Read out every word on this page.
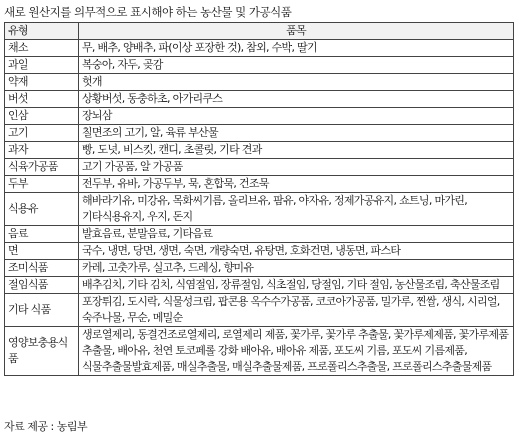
새로 원산지를 의무적으로 표시해야 하는 농산물 및 가공식품
유형	품목
채소	무, 배추, 양배추, 파(이상 포장한 것), 참외, 수박, 딸기
과일	복숭아, 자두, 곶감
약재	헛개
버섯	상황버섯, 동충하초, 아가리쿠스
인삼	장뇌삼
고기	칠면조의 고기, 알, 육류 부산물
과자	빵, 도넛, 비스킷, 캔디, 초콜릿, 기타 견과
식육가공품	고기 가공품, 알 가공품
두부	전두부, 유바, 가공두부, 묵, 혼합묵, 건조묵
식용유	해바라기유, 미강유, 목화씨기름, 올리브유, 팜유, 야자유, 정제가공유지, 쇼트닝, 마가린, 기타식용유지, 우지, 돈지
음료	발효음료, 분말음료, 기타음료
면	국수, 냉면, 당면, 생면, 숙면, 개량숙면, 유탕면, 호화건면, 냉동면, 파스타
조미식품	카레, 고춧가루, 실고추, 드레싱, 향미유
절임식품	배추김치, 기타 김치, 식염절임, 장류절임, 식초절임, 당절임, 기타 절임, 농산물조림, 축산물조림
기타 식품	포장튀김, 도시락, 식물성크림, 팝콘용 옥수수가공품, 코코아가공품, 밀가루, 찐쌀, 생식, 시리얼, 숙주나물, 무순, 메밀순
영양보충용식품	생로열제리, 동결건조로열제리, 로열제리 제품, 꽃가루, 꽃가루 추출물, 꽃가루제제품, 꽃가루제품 추출물, 배아유, 천연 토코페롤 강화 배아유, 배아유 제품, 포도씨 기름, 포도씨 기름제품, 식물추출물발효제품, 매실추출물, 매실추출물제품, 프로폴리스추출물, 프로폴리스추출물제품
자료 제공 : 농림부
